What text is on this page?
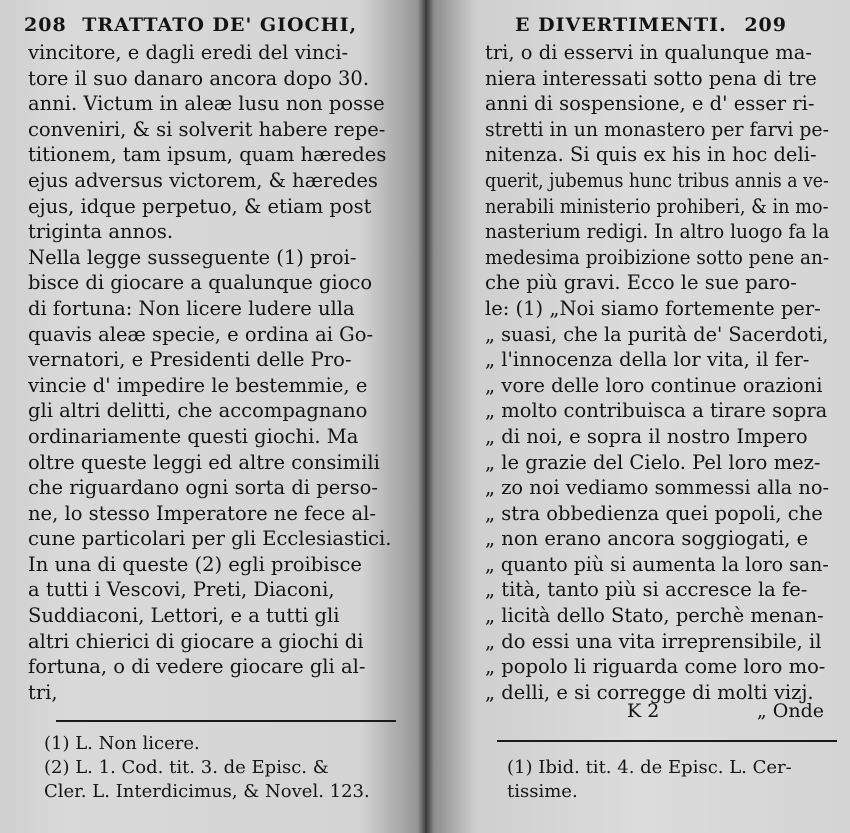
208 TRATTATO DE' GIOCHI,
vincitore, e dagli eredi del vinci-
tore il suo danaro ancora dopo 30.
anni. Victum in aleæ lusu non posse
conveniri, & si solverit habere repe-
titionem, tam ipsum, quam hæredes
ejus adversus victorem, & hæredes
ejus, idque perpetuo, & etiam post
triginta annos.
Nella legge susseguente (1) proi-
bisce di giocare a qualunque gioco
di fortuna: Non licere ludere ulla
quavis aleæ specie, e ordina ai Go-
vernatori, e Presidenti delle Pro-
vincie d' impedire le bestemmie, e
gli altri delitti, che accompagnano
ordinariamente questi giochi. Ma
oltre queste leggi ed altre consimili
che riguardano ogni sorta di perso-
ne, lo stesso Imperatore ne fece al-
cune particolari per gli Ecclesiastici.
In una di queste (2) egli proibisce
a tutti i Vescovi, Preti, Diaconi,
Suddiaconi, Lettori, e a tutti gli
altri chierici di giocare a giochi di
fortuna, o di vedere giocare gli al-
tri,
(1) L. Non licere.
(2) L. 1. Cod. tit. 3. de Episc. &
Cler. L. Interdicimus, & Novel. 123.
E DIVERTIMENTI. 209
tri, o di esservi in qualunque ma-
niera interessati sotto pena di tre
anni di sospensione, e d' esser ri-
stretti in un monastero per farvi pe-
nitenza. Si quis ex his in hoc deli-
querit, jubemus hunc tribus annis a ve-
nerabili ministerio prohiberi, & in mo-
nasterium redigi. In altro luogo fa la
medesima proibizione sotto pene an-
che più gravi. Ecco le sue paro-
le: (1) „Noi siamo fortemente per-
„ suasi, che la purità de' Sacerdoti,
„ l'innocenza della lor vita, il fer-
„ vore delle loro continue orazioni
„ molto contribuisca a tirare sopra
„ di noi, e sopra il nostro Impero
„ le grazie del Cielo. Pel loro mez-
„ zo noi vediamo sommessi alla no-
„ stra obbedienza quei popoli, che
„ non erano ancora soggiogati, e
„ quanto più si aumenta la loro san-
„ tità, tanto più si accresce la fe-
„ licità dello Stato, perchè menan-
„ do essi una vita irreprensibile, il
„ popolo li riguarda come loro mo-
„ delli, e si corregge di molti vizj.
K 2	„ Onde
(1) Ibid. tit. 4. de Episc. L. Cer-
tissime.
